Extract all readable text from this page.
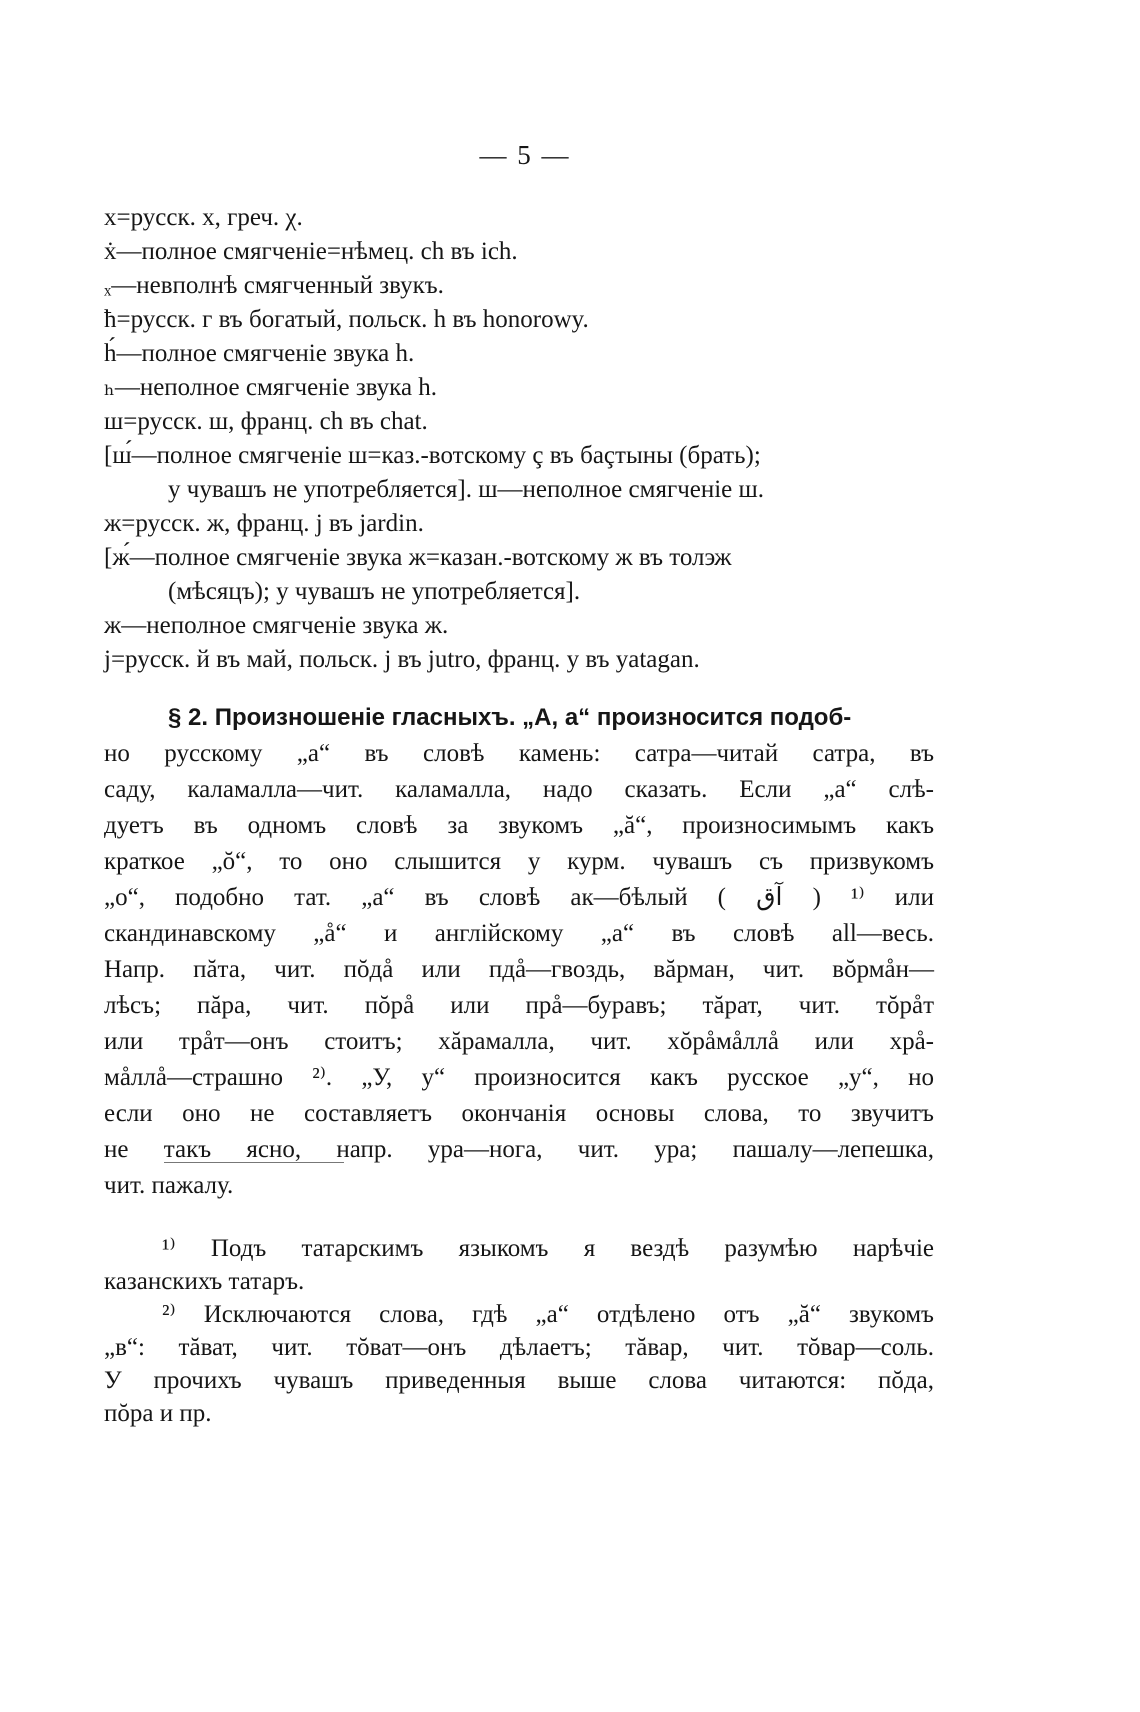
— 5 —
x=русск. x, греч. χ.
ẋ—полное смягченіе=нѣмец. ch въ ich.
ₓ—невполнѣ смягченный звукъ.
ћ=русск. г въ богатый, польск. h въ honorowy.
h́—полное смягченіе звука h.
ₕ—неполное смягченіе звука h.
ш=русск. ш, франц. ch въ chat.
[ш́—полное смягченіе ш=каз.-вотскому ç въ баçтыны (брать);
у чувашъ не употребляется]. ш—неполное смягченіе ш.
ж=русск. ж, франц. j въ jardin.
[ж́—полное смягченіе звука ж=казан.-вотскому ж въ толэж
(мѣсяцъ); у чувашъ не употребляется].
ж—неполное смягченіе звука ж.
j=русск. й въ май, польск. j въ jutro, франц. y въ yatagan.
§ 2. Произношеніе гласныхъ. „А, а“ произносится подоб-
но русскому „а“ въ словѣ камень: сатра—читай сатра, въ
саду, каламалла—чит. каламалла, надо сказать. Если „а“ слѣ-
дуетъ въ одномъ словѣ за звукомъ „ă“, произносимымъ какъ
краткое „ŏ“, то оно слышится у курм. чувашъ съ призвукомъ
„о“, подобно тат. „а“ въ словѣ ак—бѣлый ( آق ) ¹⁾ или
скандинавскому „å“ и англійскому „а“ въ словѣ all—весь.
Напр. пăта, чит. пŏдå или пдå—гвоздь, вăрман, чит. вŏрмåн—
лѣсъ; пăра, чит. пŏрå или прå—буравъ; тăрат, чит. тŏрåт
или трåт—онъ стоитъ; хăрамалла, чит. хŏрåмåллå или хрå-
мåллå—страшно ²⁾. „У, у“ произносится какъ русское „у“, но
если оно не составляетъ окончанія основы слова, то звучитъ
не такъ ясно, напр. ура—нога, чит. ура; пашалу—лепешка,
чит. пажалу.
¹⁾ Подъ татарскимъ языкомъ я вездѣ разумѣю нарѣчіе
казанскихъ татаръ.
²⁾ Исключаются слова, гдѣ „а“ отдѣлено отъ „ă“ звукомъ
„в“: тăват, чит. тŏват—онъ дѣлаетъ; тăвар, чит. тŏвар—соль.
У прочихъ чувашъ приведенныя выше слова читаются: пŏда,
пŏра и пр.
